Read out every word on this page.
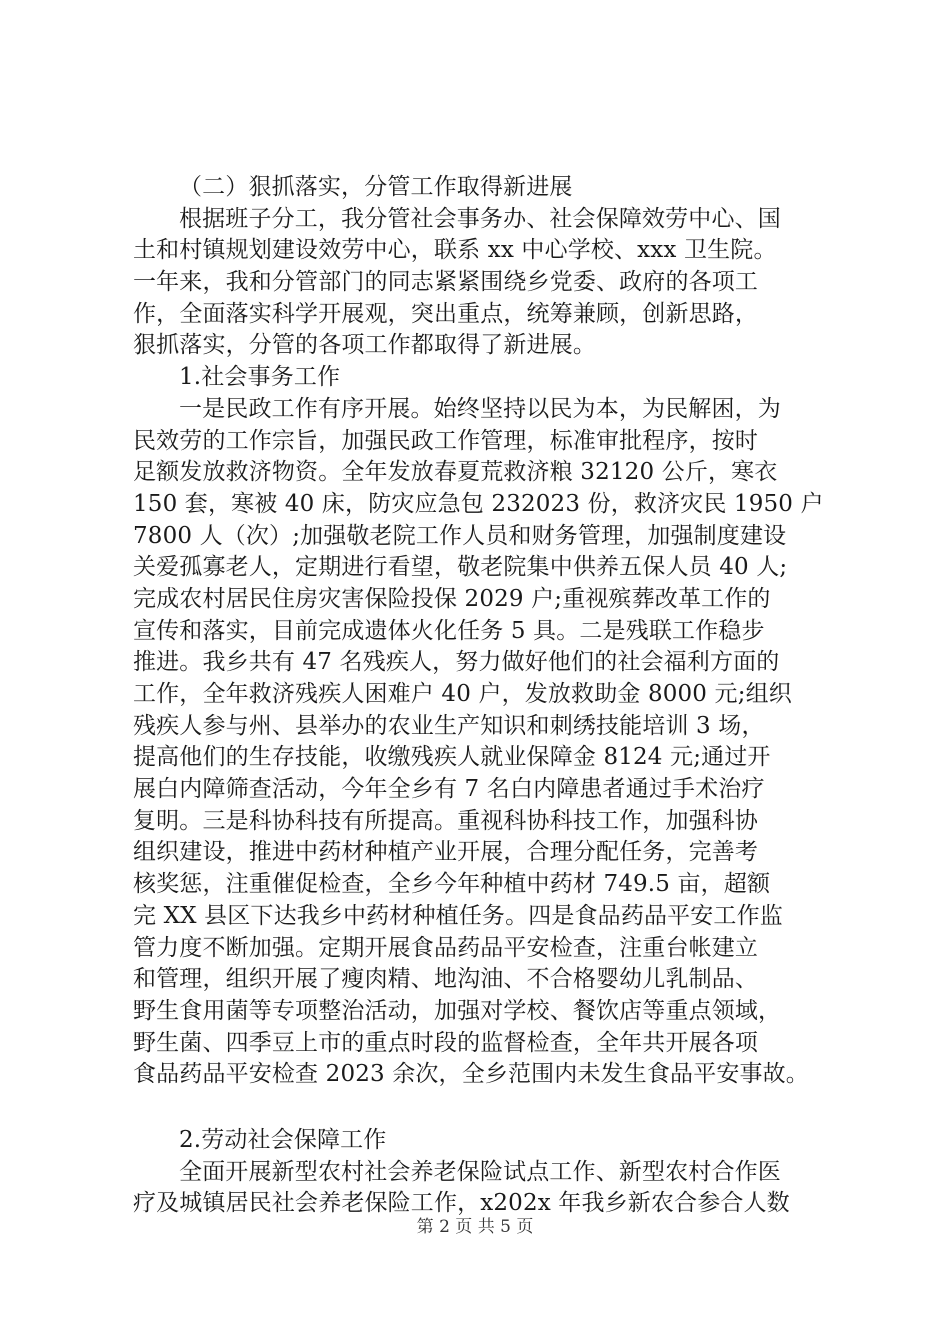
（二）狠抓落实，分管工作取得新进展
根据班子分工，我分管社会事务办、社会保障效劳中心、国
土和村镇规划建设效劳中心，联系 xx 中心学校、xxx 卫生院。
一年来，我和分管部门的同志紧紧围绕乡党委、政府的各项工
作，全面落实科学开展观，突出重点，统筹兼顾，创新思路，
狠抓落实，分管的各项工作都取得了新进展。
1.社会事务工作
一是民政工作有序开展。始终坚持以民为本，为民解困，为
民效劳的工作宗旨，加强民政工作管理，标准审批程序，按时
足额发放救济物资。全年发放春夏荒救济粮 32120 公斤，寒衣
150 套，寒被 40 床，防灾应急包 232023 份，救济灾民 1950 户
7800 人（次）;加强敬老院工作人员和财务管理，加强制度建设
关爱孤寡老人，定期进行看望，敬老院集中供养五保人员 40 人;
完成农村居民住房灾害保险投保 2029 户;重视殡葬改革工作的
宣传和落实，目前完成遗体火化任务 5 具。二是残联工作稳步
推进。我乡共有 47 名残疾人，努力做好他们的社会福利方面的
工作，全年救济残疾人困难户 40 户，发放救助金 8000 元;组织
残疾人参与州、县举办的农业生产知识和刺绣技能培训 3 场，
提高他们的生存技能，收缴残疾人就业保障金 8124 元;通过开
展白内障筛查活动，今年全乡有 7 名白内障患者通过手术治疗
复明。三是科协科技有所提高。重视科协科技工作，加强科协
组织建设，推进中药材种植产业开展，合理分配任务，完善考
核奖惩，注重催促检查，全乡今年种植中药材 749.5 亩，超额
完 XX 县区下达我乡中药材种植任务。四是食品药品平安工作监
管力度不断加强。定期开展食品药品平安检查，注重台帐建立
和管理，组织开展了瘦肉精、地沟油、不合格婴幼儿乳制品、
野生食用菌等专项整治活动，加强对学校、餐饮店等重点领域，
野生菌、四季豆上市的重点时段的监督检查，全年共开展各项
食品药品平安检查 2023 余次，全乡范围内未发生食品平安事故。
2.劳动社会保障工作
全面开展新型农村社会养老保险试点工作、新型农村合作医
疗及城镇居民社会养老保险工作，x202x 年我乡新农合参合人数
第 2 页 共 5 页
